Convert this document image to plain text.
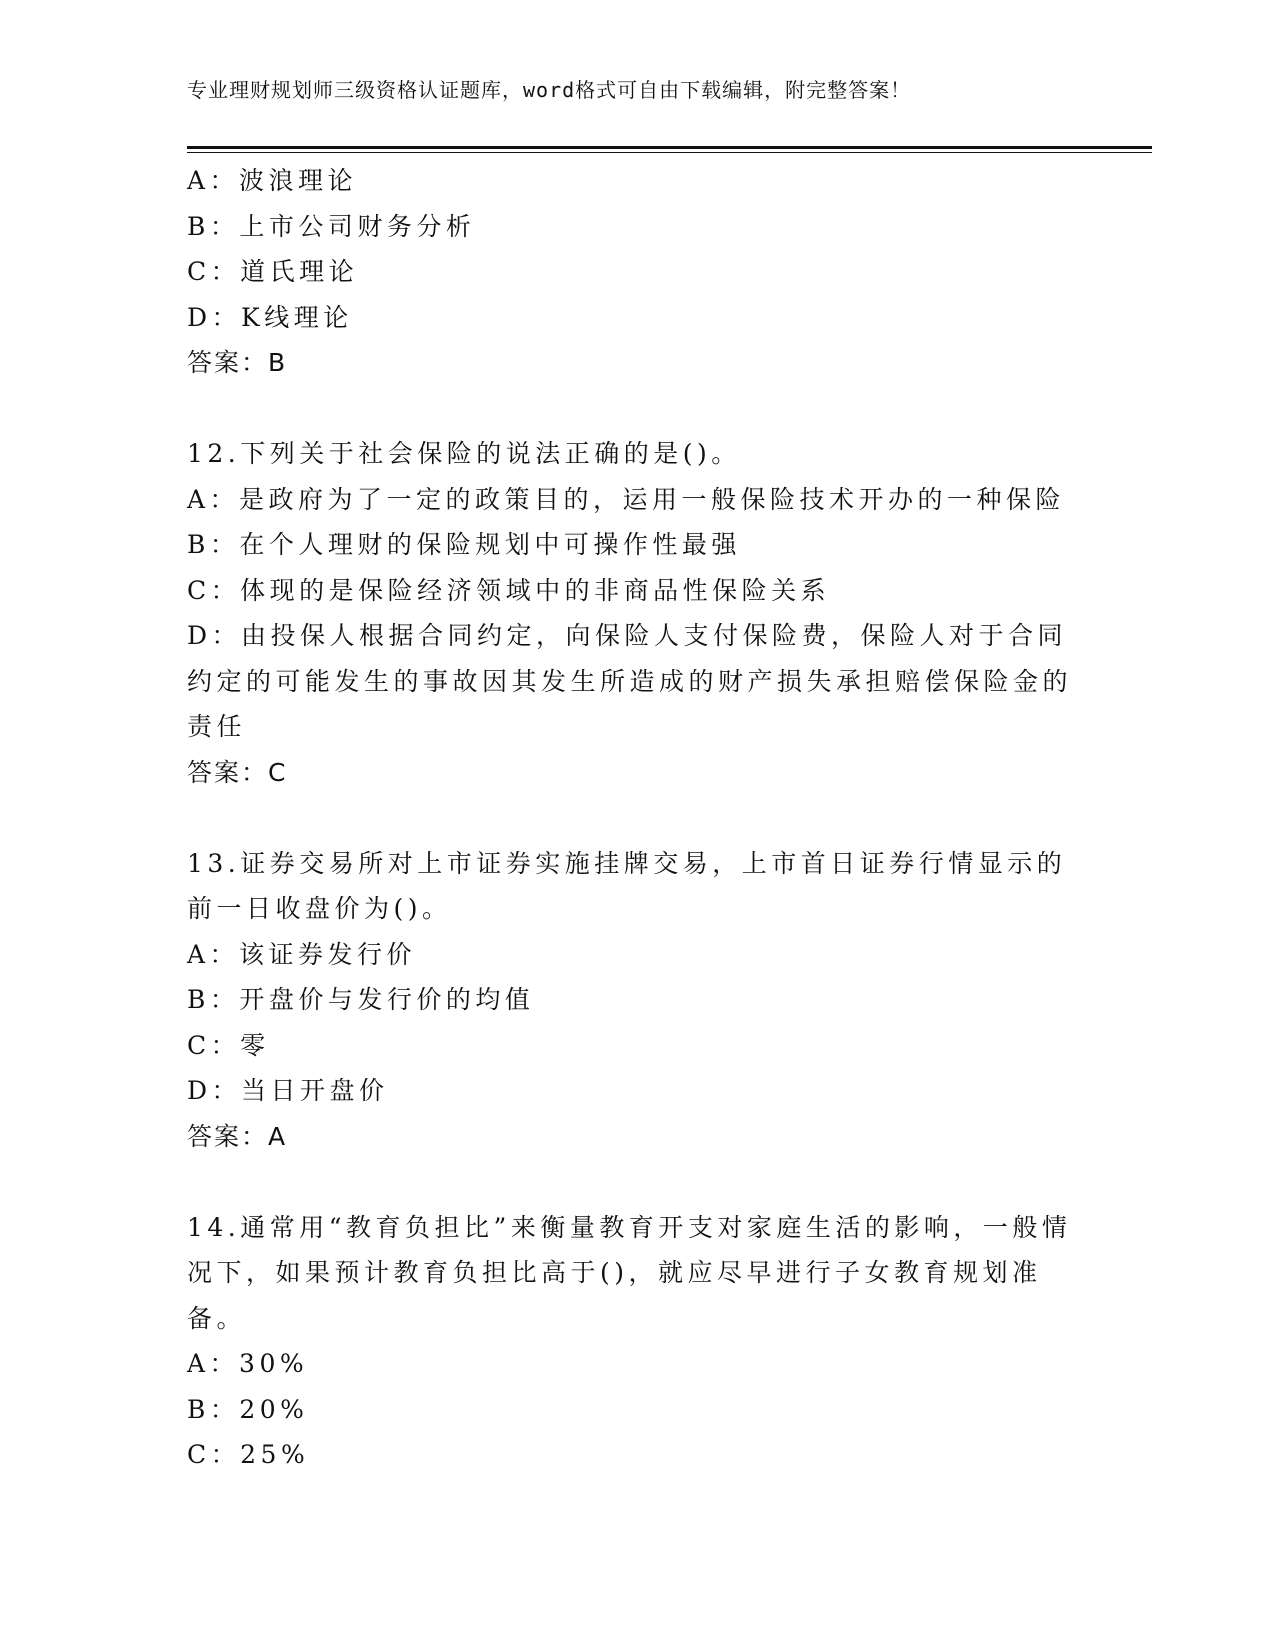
专业理财规划师三级资格认证题库，word格式可自由下载编辑，附完整答案！
A：波浪理论
B：上市公司财务分析
C：道氏理论
D：K线理论
答案：B
12.下列关于社会保险的说法正确的是()。
A：是政府为了一定的政策目的，运用一般保险技术开办的一种保险
B：在个人理财的保险规划中可操作性最强
C：体现的是保险经济领域中的非商品性保险关系
D：由投保人根据合同约定，向保险人支付保险费，保险人对于合同约定的可能发生的事故因其发生所造成的财产损失承担赔偿保险金的责任
答案：C
13.证券交易所对上市证券实施挂牌交易，上市首日证券行情显示的前一日收盘价为()。
A：该证券发行价
B：开盘价与发行价的均值
C：零
D：当日开盘价
答案：A
14.通常用“教育负担比”来衡量教育开支对家庭生活的影响，一般情况下，如果预计教育负担比高于()，就应尽早进行子女教育规划准备。
A：30%
B：20%
C：25%
